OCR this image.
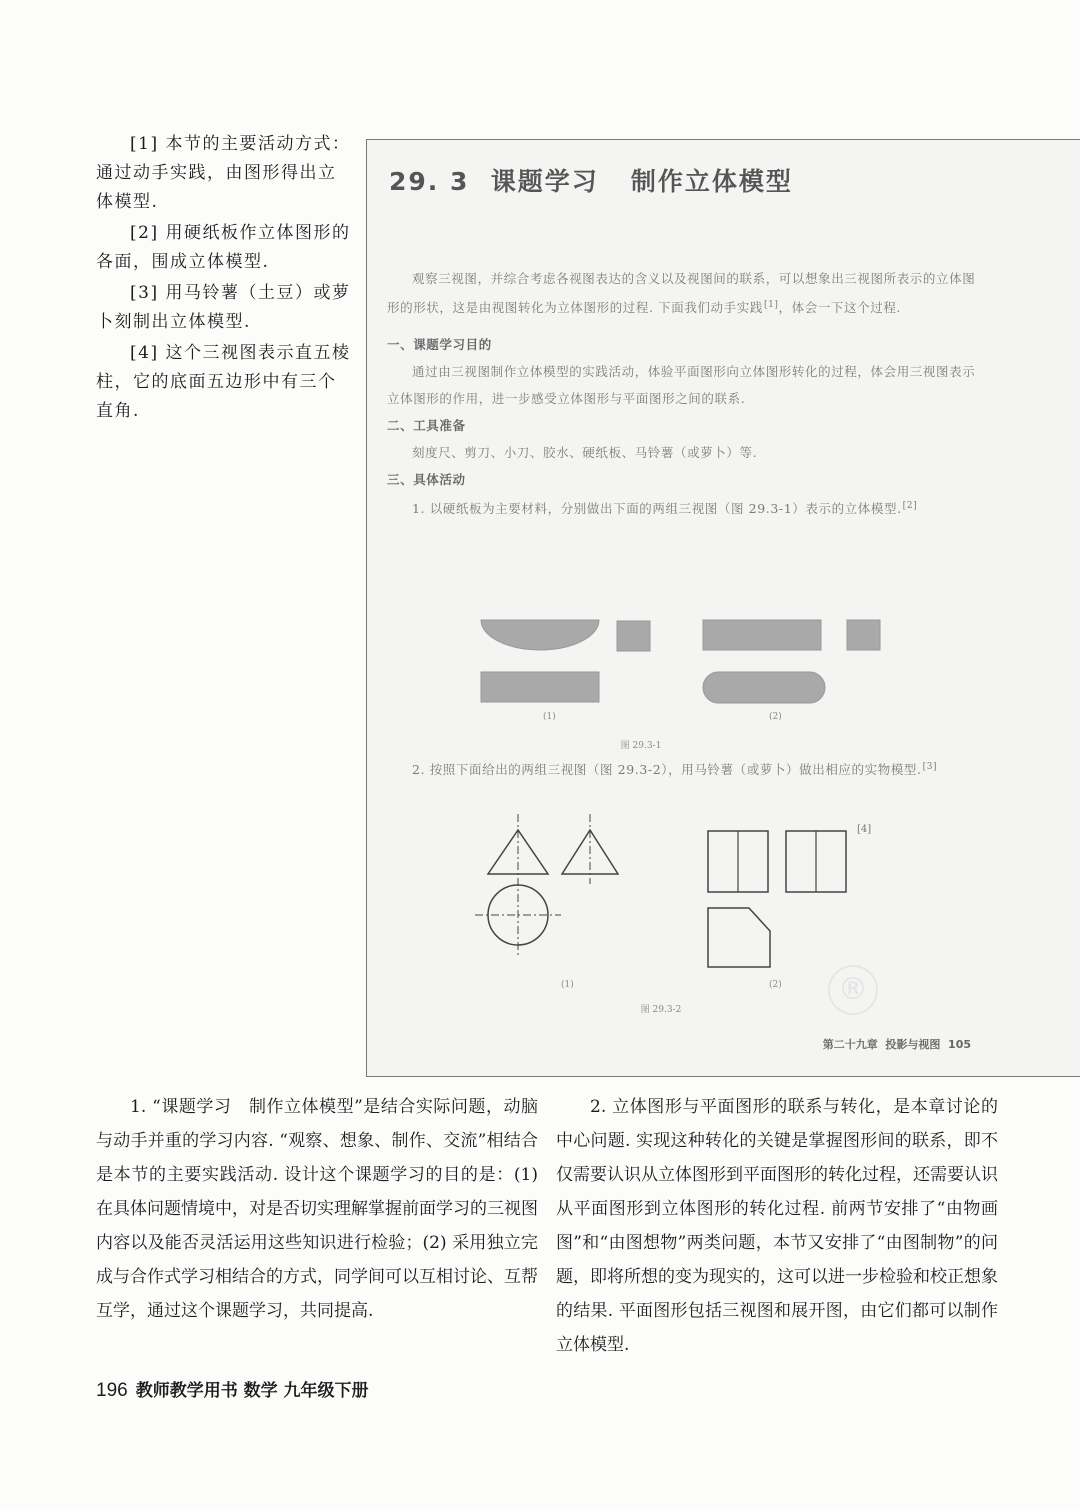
[1] 本节的主要活动方式：通过动手实践，由图形得出立体模型.

[2] 用硬纸板作立体图形的各面，围成立体模型.

[3] 用马铃薯（土豆）或萝卜刻制出立体模型.

[4] 这个三视图表示直五棱柱，它的底面五边形中有三个直角.

29. 3  课题学习   制作立体模型

观察三视图，并综合考虑各视图表达的含义以及视图间的联系，可以想象出三视图所表示的立体图形的形状，这是由视图转化为立体图形的过程. 下面我们动手实践[1]，体会一下这个过程.

一、课题学习目的

通过由三视图制作立体模型的实践活动，体验平面图形向立体图形转化的过程，体会用三视图表示立体图形的作用，进一步感受立体图形与平面图形之间的联系.

二、工具准备

刻度尺、剪刀、小刀、胶水、硬纸板、马铃薯（或萝卜）等.

三、具体活动

1. 以硬纸板为主要材料，分别做出下面的两组三视图（图 29.3-1）表示的立体模型.[2]

(1)	(2)
图 29.3-1

2. 按照下面给出的两组三视图（图 29.3-2），用马铃薯（或萝卜）做出相应的实物模型.[3]

[4]
(1)	(2)
图 29.3-2
第二十九章  投影与视图  105
®

1. “课题学习　制作立体模型”是结合实际问题，动脑与动手并重的学习内容. “观察、想象、制作、交流”相结合是本节的主要实践活动. 设计这个课题学习的目的是：(1) 在具体问题情境中，对是否切实理解掌握前面学习的三视图内容以及能否灵活运用这些知识进行检验；(2) 采用独立完成与合作式学习相结合的方式，同学间可以互相讨论、互帮互学，通过这个课题学习，共同提高.

2. 立体图形与平面图形的联系与转化，是本章讨论的中心问题. 实现这种转化的关键是掌握图形间的联系，即不仅需要认识从立体图形到平面图形的转化过程，还需要认识从平面图形到立体图形的转化过程. 前两节安排了“由物画图”和“由图想物”两类问题，本节又安排了“由图制物”的问题，即将所想的变为现实的，这可以进一步检验和校正想象的结果. 平面图形包括三视图和展开图，由它们都可以制作立体模型.

196 教师教学用书 数学 九年级下册
